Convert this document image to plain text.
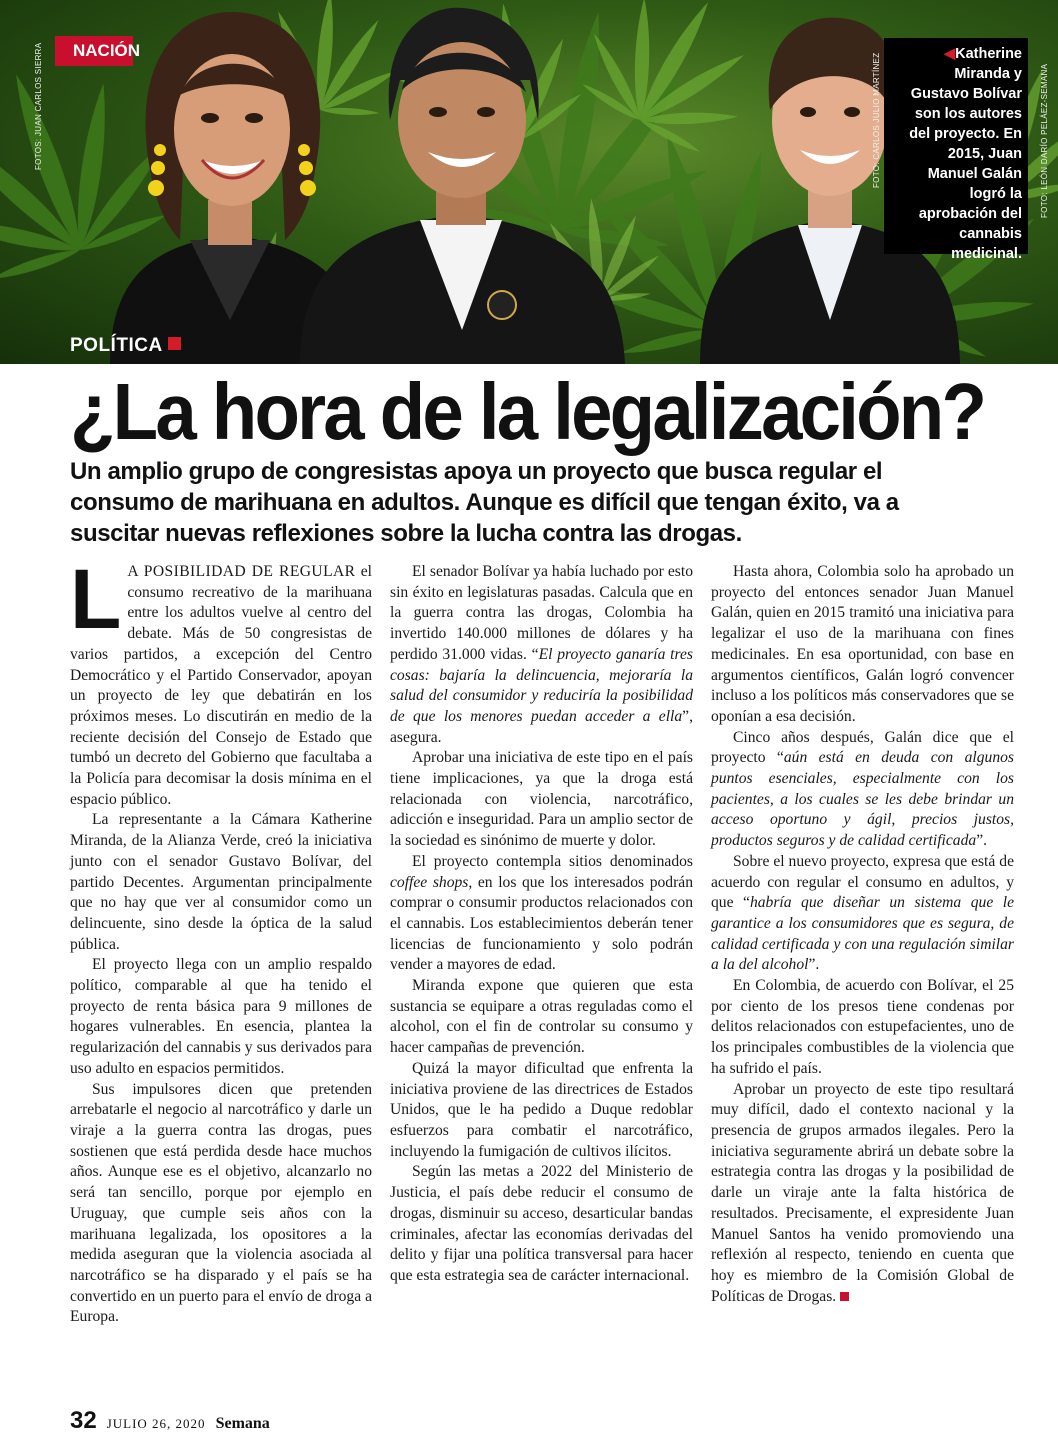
NACIÓN
FOTOS: JUAN CARLOS SIERRA	FOTO: CARLOS JULIO MARTÍNEZ	FOTO: LEÓN DARÍO PELÁEZ-SEMANA

◀Katherine Miranda y Gustavo Bolívar son los autores del proyecto. En 2015, Juan Manuel Galán logró la aprobación del cannabis medicinal.

POLÍTICA
¿La hora de la legalización?

Un amplio grupo de congresistas apoya un proyecto que busca regular el consumo de marihuana en adultos. Aunque es difícil que tengan éxito, va a suscitar nuevas reflexiones sobre la lucha contra las drogas.

L A POSIBILIDAD DE REGULAR el consumo recreativo de la marihuana entre los adultos vuelve al centro del debate. Más de 50 congresistas de varios partidos, a excepción del Centro Democrático y el Partido Conservador, apoyan un proyecto de ley que debatirán en los próximos meses. Lo discutirán en medio de la reciente decisión del Consejo de Estado que tumbó un decreto del Gobierno que facultaba a la Policía para decomisar la dosis mínima en el espacio público.

La representante a la Cámara Katherine Miranda, de la Alianza Verde, creó la iniciativa junto con el senador Gustavo Bolívar, del partido Decentes. Argumentan principalmente que no hay que ver al consumidor como un delincuente, sino desde la óptica de la salud pública.

El proyecto llega con un amplio respaldo político, comparable al que ha tenido el proyecto de renta básica para 9 millones de hogares vulnerables. En esencia, plantea la regularización del cannabis y sus derivados para uso adulto en espacios permitidos.

Sus impulsores dicen que pretenden arrebatarle el negocio al narcotráfico y darle un viraje a la guerra contra las drogas, pues sostienen que está perdida desde hace muchos años. Aunque ese es el objetivo, alcanzarlo no será tan sencillo, porque por ejemplo en Uruguay, que cumple seis años con la marihuana legalizada, los opositores a la medida aseguran que la violencia asociada al narcotráfico se ha disparado y el país se ha convertido en un puerto para el envío de droga a Europa.

El senador Bolívar ya había luchado por esto sin éxito en legislaturas pasadas. Calcula que en la guerra contra las drogas, Colombia ha invertido 140.000 millones de dólares y ha perdido 31.000 vidas. “El proyecto ganaría tres cosas: bajaría la delincuencia, mejoraría la salud del consumidor y reduciría la posibilidad de que los menores puedan acceder a ella”, asegura.

Aprobar una iniciativa de este tipo en el país tiene implicaciones, ya que la droga está relacionada con violencia, narcotráfico, adicción e inseguridad. Para un amplio sector de la sociedad es sinónimo de muerte y dolor.

El proyecto contempla sitios denominados coffee shops, en los que los interesados podrán comprar o consumir productos relacionados con el cannabis. Los establecimientos deberán tener licencias de funcionamiento y solo podrán vender a mayores de edad.

Miranda expone que quieren que esta sustancia se equipare a otras reguladas como el alcohol, con el fin de controlar su consumo y hacer campañas de prevención.

Quizá la mayor dificultad que enfrenta la iniciativa proviene de las directrices de Estados Unidos, que le ha pedido a Duque redoblar esfuerzos para combatir el narcotráfico, incluyendo la fumigación de cultivos ilícitos.

Según las metas a 2022 del Ministerio de Justicia, el país debe reducir el consumo de drogas, disminuir su acceso, desarticular bandas criminales, afectar las economías derivadas del delito y fijar una política transversal para hacer que esta estrategia sea de carácter internacional.

Hasta ahora, Colombia solo ha aprobado un proyecto del entonces senador Juan Manuel Galán, quien en 2015 tramitó una iniciativa para legalizar el uso de la marihuana con fines medicinales. En esa oportunidad, con base en argumentos científicos, Galán logró convencer incluso a los políticos más conservadores que se oponían a esa decisión.

Cinco años después, Galán dice que el proyecto “aún está en deuda con algunos puntos esenciales, especialmente con los pacientes, a los cuales se les debe brindar un acceso oportuno y ágil, precios justos, productos seguros y de calidad certificada”.

Sobre el nuevo proyecto, expresa que está de acuerdo con regular el consumo en adultos, y que “habría que diseñar un sistema que le garantice a los consumidores que es segura, de calidad certificada y con una regulación similar a la del alcohol”.

En Colombia, de acuerdo con Bolívar, el 25 por ciento de los presos tiene condenas por delitos relacionados con estupefacientes, uno de los principales combustibles de la violencia que ha sufrido el país.

Aprobar un proyecto de este tipo resultará muy difícil, dado el contexto nacional y la presencia de grupos armados ilegales. Pero la iniciativa seguramente abrirá un debate sobre la estrategia contra las drogas y la posibilidad de darle un viraje ante la falta histórica de resultados. Precisamente, el expresidente Juan Manuel Santos ha venido promoviendo una reflexión al respecto, teniendo en cuenta que hoy es miembro de la Comisión Global de Políticas de Drogas.

32 JULIO 26, 2020 Semana
